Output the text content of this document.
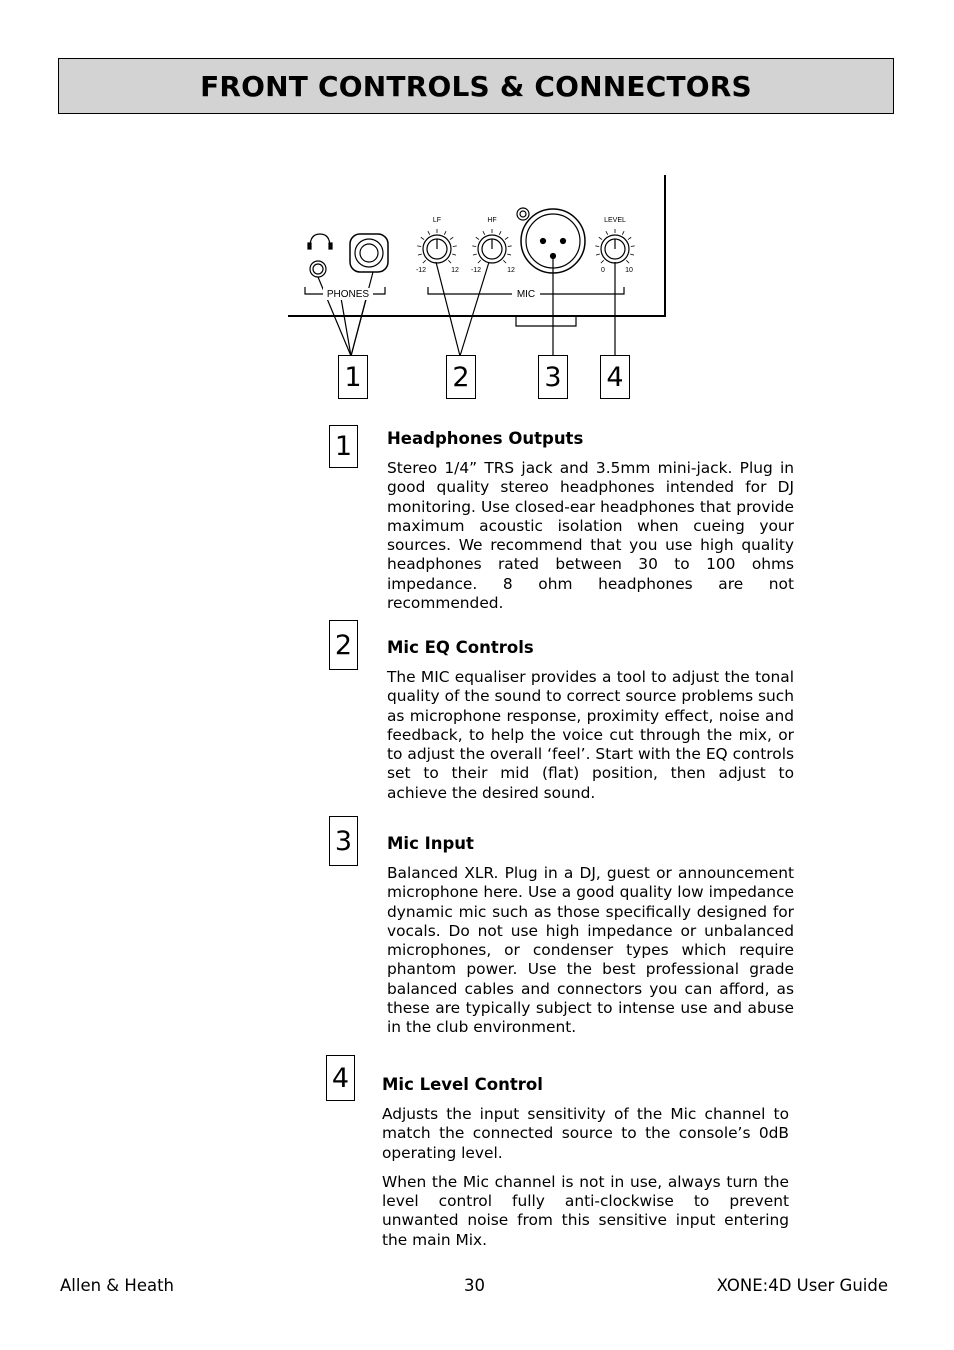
FRONT CONTROLS & CONNECTORS
LF	HF	LEVEL
-12	12 -12	12	0	10
PHONES	MIC
1	2	3 4
1
2
3
4
Headphones Outputs

Stereo 1/4” TRS jack and 3.5mm mini-jack. Plug in good quality stereo headphones intended for DJ monitoring. Use closed-ear headphones that provide maximum acoustic isolation when cueing your sources. We recommend that you use high quality headphones rated between 30 to 100 ohms impedance. 8 ohm headphones are not recommended.

Mic EQ Controls

The MIC equaliser provides a tool to adjust the tonal quality of the sound to correct source problems such as microphone response, proximity effect, noise and feedback, to help the voice cut through the mix, or to adjust the overall ‘feel’. Start with the EQ controls set to their mid (flat) position, then adjust to achieve the desired sound.

Mic Input

Balanced XLR. Plug in a DJ, guest or announcement microphone here. Use a good quality low impedance dynamic mic such as those specifically designed for vocals. Do not use high impedance or unbalanced microphones, or condenser types which require phantom power. Use the best professional grade balanced cables and connectors you can afford, as these are typically subject to intense use and abuse in the club environment.

Mic Level Control

Adjusts the input sensitivity of the Mic channel to match the connected source to the console’s 0dB operating level.

When the Mic channel is not in use, always turn the level control fully anti-clockwise to prevent unwanted noise from this sensitive input entering the main Mix.

Allen & Heath	30	XONE:4D User Guide
